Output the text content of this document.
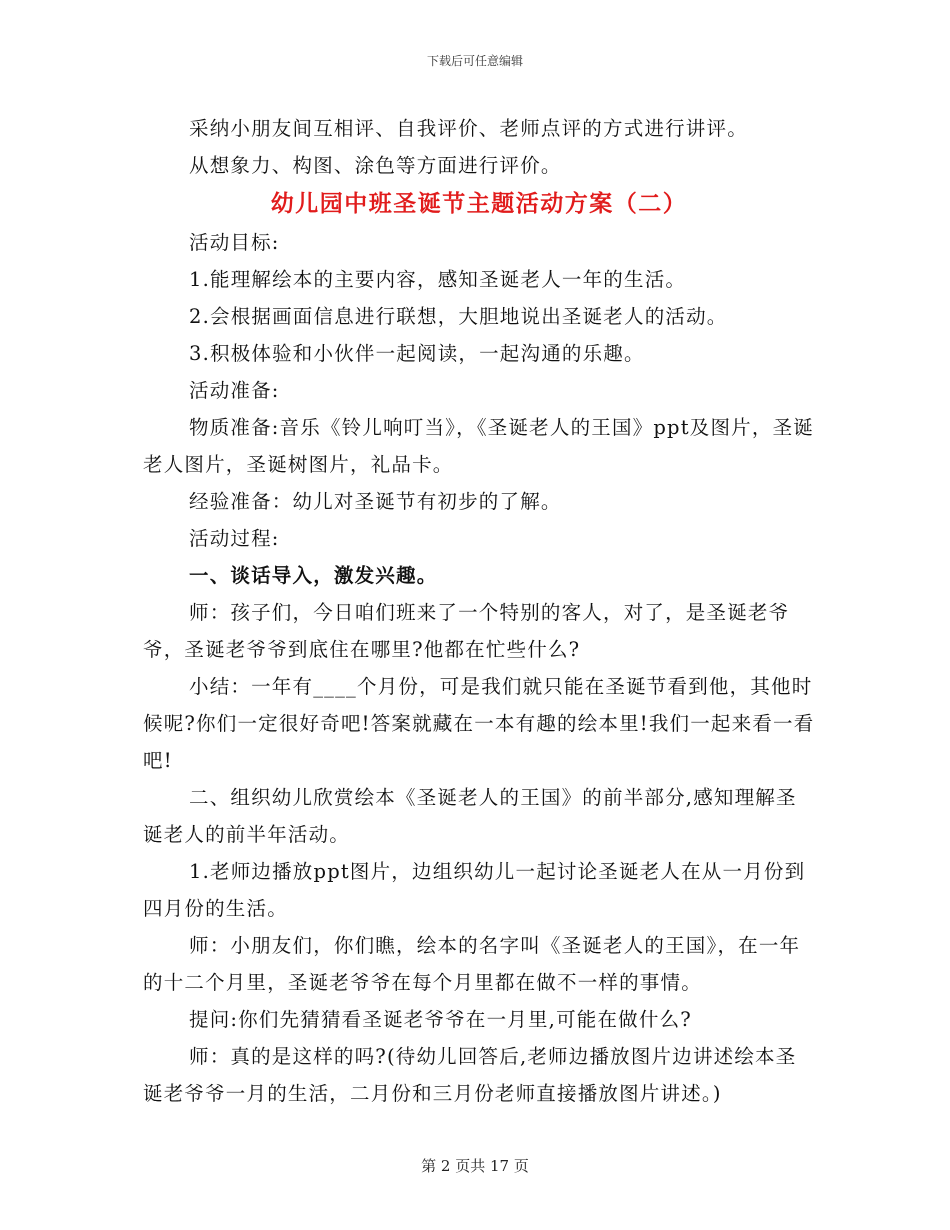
下载后可任意编辑

采纳小朋友间互相评、自我评价、老师点评的方式进行讲评。

从想象力、构图、涂色等方面进行评价。

幼儿园中班圣诞节主题活动方案（二）

活动目标:

1.能理解绘本的主要内容，感知圣诞老人一年的生活。

2.会根据画面信息进行联想，大胆地说出圣诞老人的活动。

3.积极体验和小伙伴一起阅读，一起沟通的乐趣。

活动准备:

物质准备:音乐《铃儿响叮当》，《圣诞老人的王国》ppt及图片，圣诞老人图片，圣诞树图片，礼品卡。

经验准备：幼儿对圣诞节有初步的了解。

活动过程:

一、谈话导入，激发兴趣。

师：孩子们，今日咱们班来了一个特别的客人，对了，是圣诞老爷爷，圣诞老爷爷到底住在哪里?他都在忙些什么?

小结：一年有____个月份，可是我们就只能在圣诞节看到他，其他时候呢?你们一定很好奇吧!答案就藏在一本有趣的绘本里!我们一起来看一看吧!

二、组织幼儿欣赏绘本《圣诞老人的王国》的前半部分,感知理解圣诞老人的前半年活动。

1.老师边播放ppt图片，边组织幼儿一起讨论圣诞老人在从一月份到四月份的生活。

师：小朋友们，你们瞧，绘本的名字叫《圣诞老人的王国》，在一年的十二个月里，圣诞老爷爷在每个月里都在做不一样的事情。

提问:你们先猜猜看圣诞老爷爷在一月里,可能在做什么?

师：真的是这样的吗?(待幼儿回答后,老师边播放图片边讲述绘本圣诞老爷爷一月的生活，二月份和三月份老师直接播放图片讲述。)

第 2 页共 17 页
